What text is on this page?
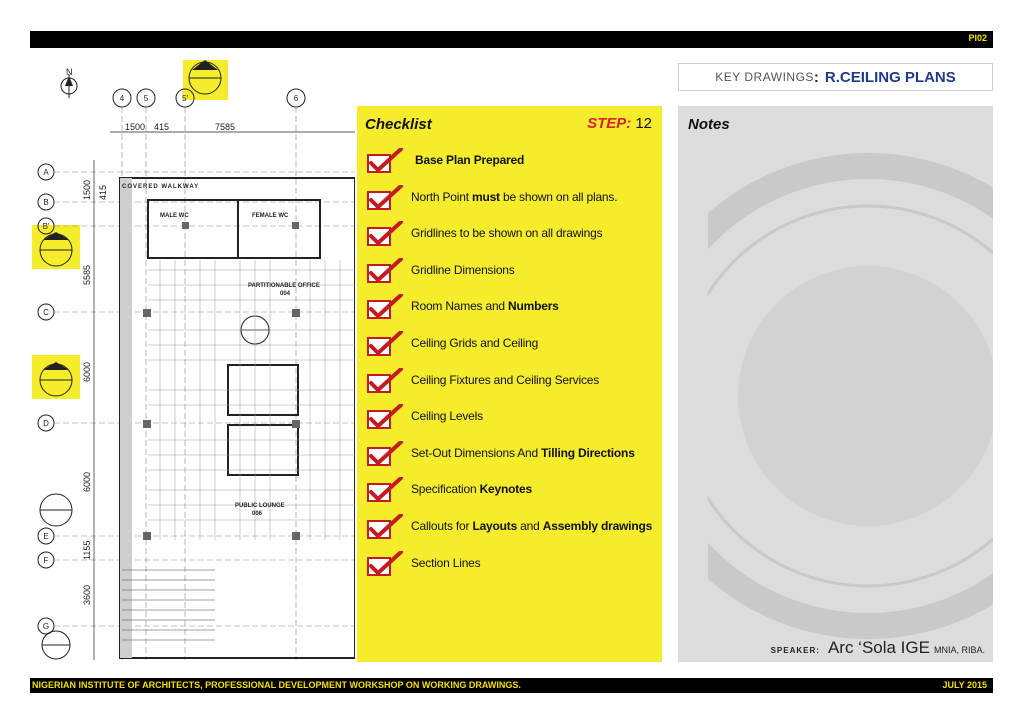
PI02
KEY DRAWINGS : R.CEILING PLANS
N
4 5	5'	6
A
B
B'
C
D
E
F
G
1500 415	7585
1500 415
5585
6000
6000
1155
3600
COVERED WALKWAY
MALE WC	FEMALE WC
PARTITIONABLE OFFICE
004
PUBLIC LOUNGE
006
Checklist	STEP: 12
Base Plan Prepared
North Point must be shown on all plans.
Gridlines to be shown on all drawings
Gridline Dimensions
Room Names and Numbers
Ceiling Grids and Ceiling
Ceiling Fixtures and Ceiling Services
Ceiling Levels
Set-Out Dimensions And Tilling Directions
Specification Keynotes
Callouts for Layouts and Assembly drawings
Section Lines
Notes
SPEAKER: Arc ‘Sola IGE MNIA, RIBA.
NIGERIAN INSTITUTE OF ARCHITECTS, PROFESSIONAL DEVELOPMENT WORKSHOP ON WORKING DRAWINGS.	JULY 2015
